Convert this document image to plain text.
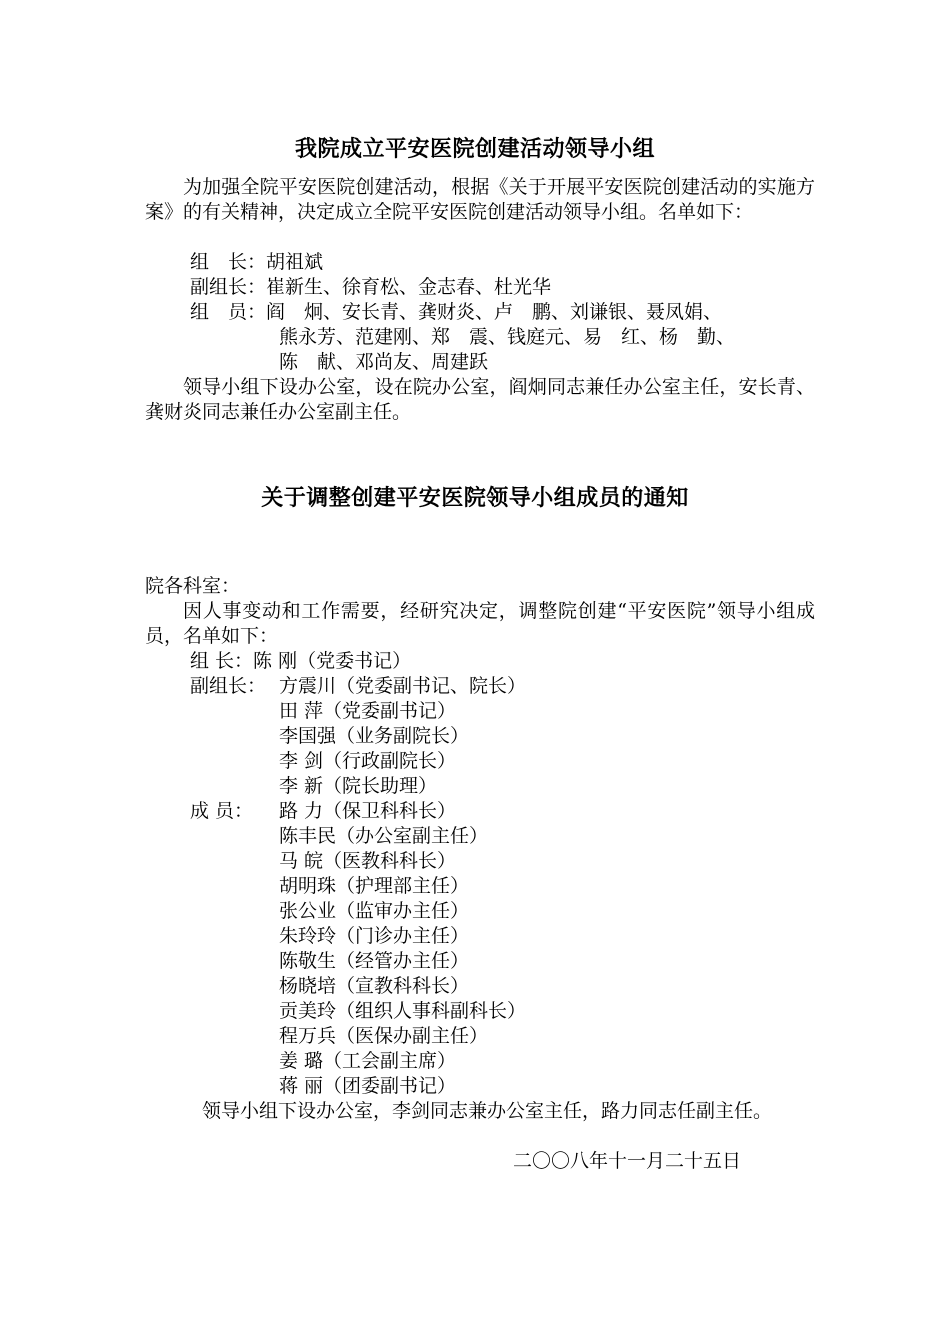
我院成立平安医院创建活动领导小组
为加强全院平安医院创建活动，根据《关于开展平安医院创建活动的实施方案》的有关精神，决定成立全院平安医院创建活动领导小组。名单如下：
组　长：胡祖斌
副组长：崔新生、徐育松、金志春、杜光华
组　员：阎　炯、安长青、龚财炎、卢　鹏、刘谦银、聂凤娟、
熊永芳、范建刚、郑　震、钱庭元、易　红、杨　勤、
陈　献、邓尚友、周建跃
领导小组下设办公室，设在院办公室，阎炯同志兼任办公室主任，安长青、龚财炎同志兼任办公室副主任。
关于调整创建平安医院领导小组成员的通知
院各科室：
因人事变动和工作需要，经研究决定，调整院创建“平安医院”领导小组成员，名单如下：
组 长：陈 刚（党委书记）
副组长： 方震川（党委副书记、院长）
田 萍（党委副书记）
李国强（业务副院长）
李 剑（行政副院长）
李 新（院长助理）
成 员： 路 力（保卫科科长）
陈丰民（办公室副主任）
马 皖（医教科科长）
胡明珠（护理部主任）
张公业（监审办主任）
朱玲玲（门诊办主任）
陈敬生（经管办主任）
杨晓培（宣教科科长）
贡美玲（组织人事科副科长）
程万兵（医保办副主任）
姜 璐（工会副主席）
蒋 丽（团委副书记）
领导小组下设办公室，李剑同志兼办公室主任，路力同志任副主任。
二〇〇八年十一月二十五日
